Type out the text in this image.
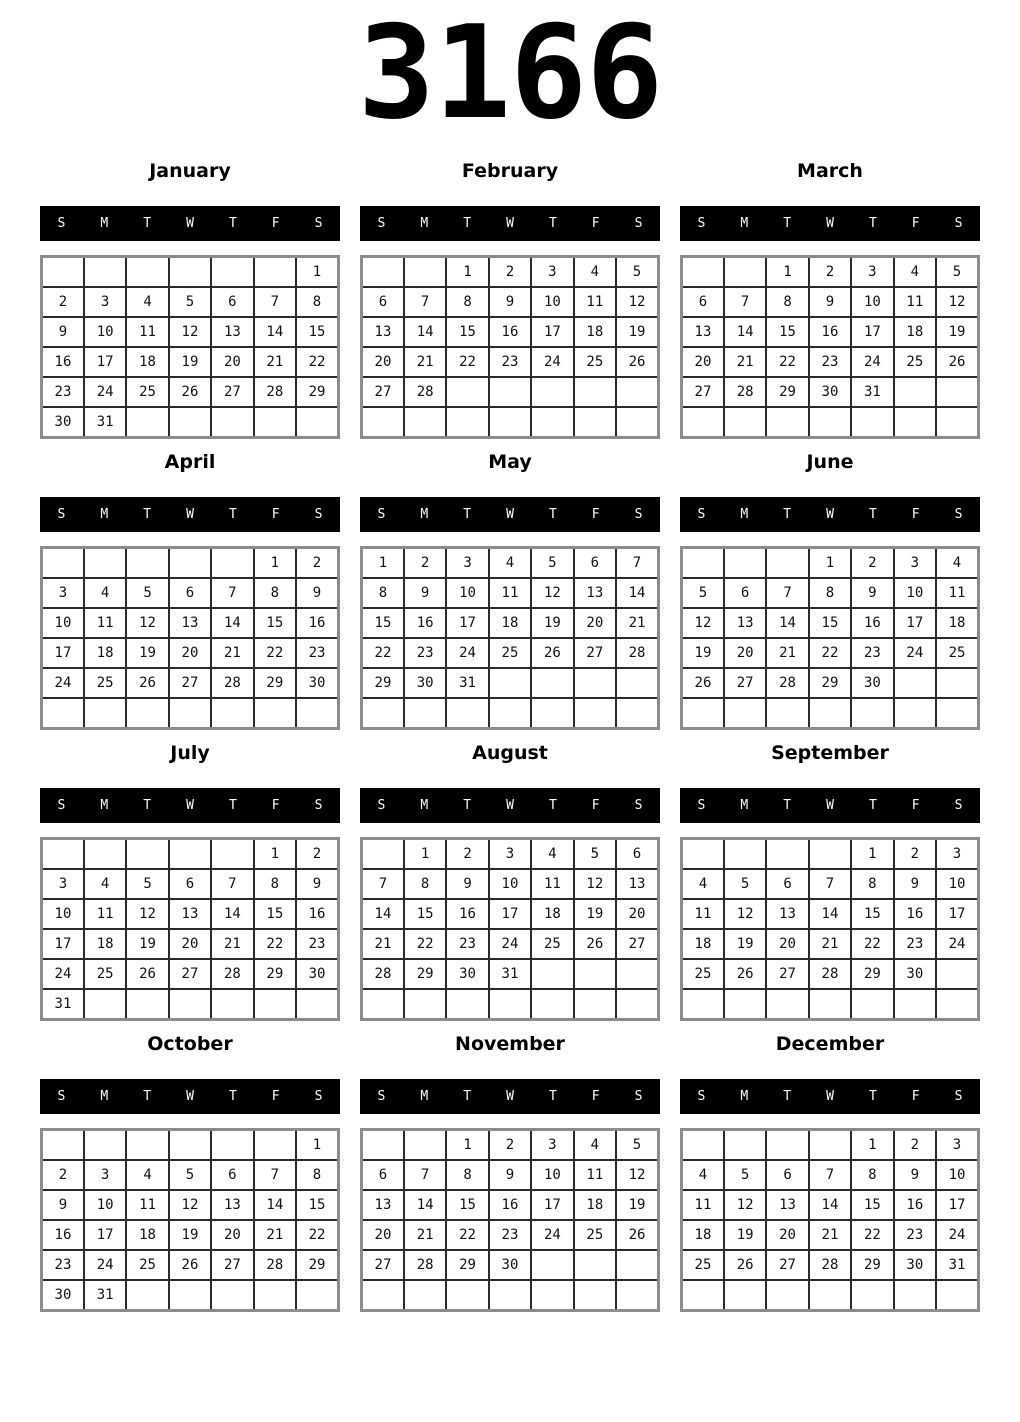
3166
January
S	M	T	W	T	F	S
						1
2	3	4	5	6	7	8
9	10	11	12	13	14	15
16	17	18	19	20	21	22
23	24	25	26	27	28	29
30	31					
February
S	M	T	W	T	F	S
		1	2	3	4	5
6	7	8	9	10	11	12
13	14	15	16	17	18	19
20	21	22	23	24	25	26
27	28					

March
S	M	T	W	T	F	S
		1	2	3	4	5
6	7	8	9	10	11	12
13	14	15	16	17	18	19
20	21	22	23	24	25	26
27	28	29	30	31		

April
S	M	T	W	T	F	S
					1	2
3	4	5	6	7	8	9
10	11	12	13	14	15	16
17	18	19	20	21	22	23
24	25	26	27	28	29	30

May
S	M	T	W	T	F	S
1	2	3	4	5	6	7
8	9	10	11	12	13	14
15	16	17	18	19	20	21
22	23	24	25	26	27	28
29	30	31				

June
S	M	T	W	T	F	S
			1	2	3	4
5	6	7	8	9	10	11
12	13	14	15	16	17	18
19	20	21	22	23	24	25
26	27	28	29	30		

July
S	M	T	W	T	F	S
					1	2
3	4	5	6	7	8	9
10	11	12	13	14	15	16
17	18	19	20	21	22	23
24	25	26	27	28	29	30
31						
August
S	M	T	W	T	F	S
	1	2	3	4	5	6
7	8	9	10	11	12	13
14	15	16	17	18	19	20
21	22	23	24	25	26	27
28	29	30	31			

September
S	M	T	W	T	F	S
				1	2	3
4	5	6	7	8	9	10
11	12	13	14	15	16	17
18	19	20	21	22	23	24
25	26	27	28	29	30	

October
S	M	T	W	T	F	S
						1
2	3	4	5	6	7	8
9	10	11	12	13	14	15
16	17	18	19	20	21	22
23	24	25	26	27	28	29
30	31					
November
S	M	T	W	T	F	S
		1	2	3	4	5
6	7	8	9	10	11	12
13	14	15	16	17	18	19
20	21	22	23	24	25	26
27	28	29	30			

December
S	M	T	W	T	F	S
				1	2	3
4	5	6	7	8	9	10
11	12	13	14	15	16	17
18	19	20	21	22	23	24
25	26	27	28	29	30	31
